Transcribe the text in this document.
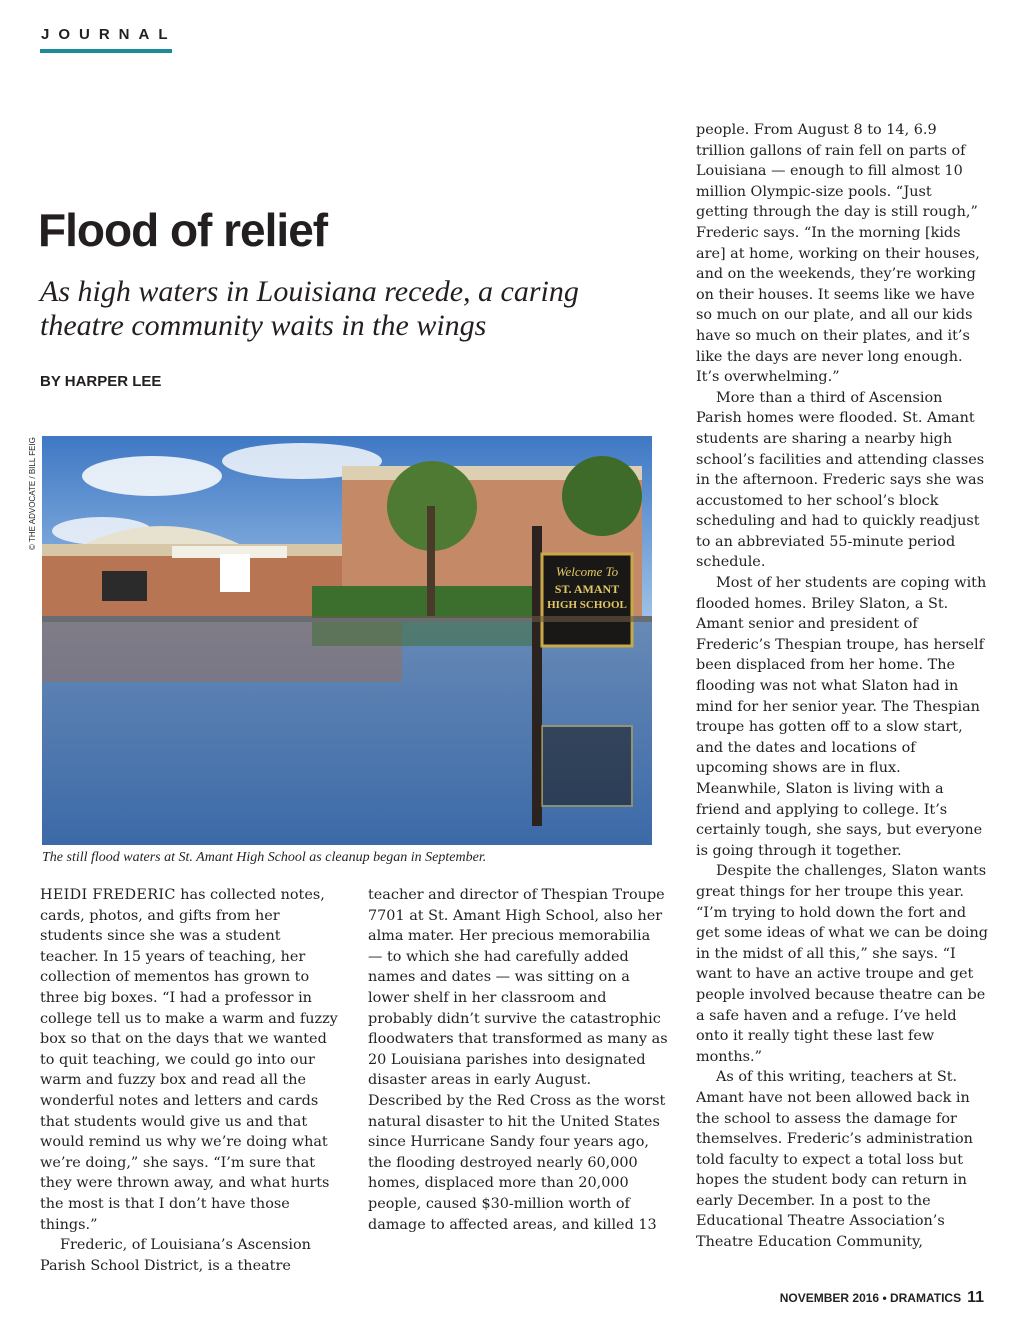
JOURNAL
Flood of relief

As high waters in Louisiana recede, a caring theatre community waits in the wings

BY HARPER LEE

© THE ADVOCATE / BILL FEIG
Welcome To
ST. AMANT
HIGH SCHOOL
The still flood waters at St. Amant High School as cleanup began in September.

HEIDI FREDERIC has collected notes, cards, photos, and gifts from her students since she was a student teacher. In 15 years of teaching, her collection of mementos has grown to three big boxes. “I had a professor in college tell us to make a warm and fuzzy box so that on the days that we wanted to quit teaching, we could go into our warm and fuzzy box and read all the wonderful notes and letters and cards that students would give us and that would remind us why we’re doing what we’re doing,” she says. “I’m sure that they were thrown away, and what hurts the most is that I don’t have those things.”

Frederic, of Louisiana’s Ascension Parish School District, is a theatre

teacher and director of Thespian Troupe 7701 at St. Amant High School, also her alma mater. Her precious memorabilia — to which she had carefully added names and dates — was sitting on a lower shelf in her classroom and probably didn’t survive the catastrophic floodwaters that transformed as many as 20 Louisiana parishes into designated disaster areas in early August. Described by the Red Cross as the worst natural disaster to hit the United States since Hurricane Sandy four years ago, the flooding destroyed nearly 60,000 homes, displaced more than 20,000 people, caused $30-million worth of damage to affected areas, and killed 13

people. From August 8 to 14, 6.9 trillion gallons of rain fell on parts of Louisiana — enough to fill almost 10 million Olympic-size pools. “Just getting through the day is still rough,” Frederic says. “In the morning [kids are] at home, working on their houses, and on the weekends, they’re working on their houses. It seems like we have so much on our plate, and all our kids have so much on their plates, and it’s like the days are never long enough. It’s overwhelming.”

More than a third of Ascension Parish homes were flooded. St. Amant students are sharing a nearby high school’s facilities and attending classes in the afternoon. Frederic says she was accustomed to her school’s block scheduling and had to quickly readjust to an abbreviated 55-minute period schedule.

Most of her students are coping with flooded homes. Briley Slaton, a St. Amant senior and president of Frederic’s Thespian troupe, has herself been displaced from her home. The flooding was not what Slaton had in mind for her senior year. The Thespian troupe has gotten off to a slow start, and the dates and locations of upcoming shows are in flux. Meanwhile, Slaton is living with a friend and applying to college. It’s certainly tough, she says, but everyone is going through it together.

Despite the challenges, Slaton wants great things for her troupe this year. “I’m trying to hold down the fort and get some ideas of what we can be doing in the midst of all this,” she says. “I want to have an active troupe and get people involved because theatre can be a safe haven and a refuge. I’ve held onto it really tight these last few months.”

As of this writing, teachers at St. Amant have not been allowed back in the school to assess the damage for themselves. Frederic’s administration told faculty to expect a total loss but hopes the student body can return in early December. In a post to the Educational Theatre Association’s Theatre Education Community,

NOVEMBER 2016 • DRAMATICS 11
